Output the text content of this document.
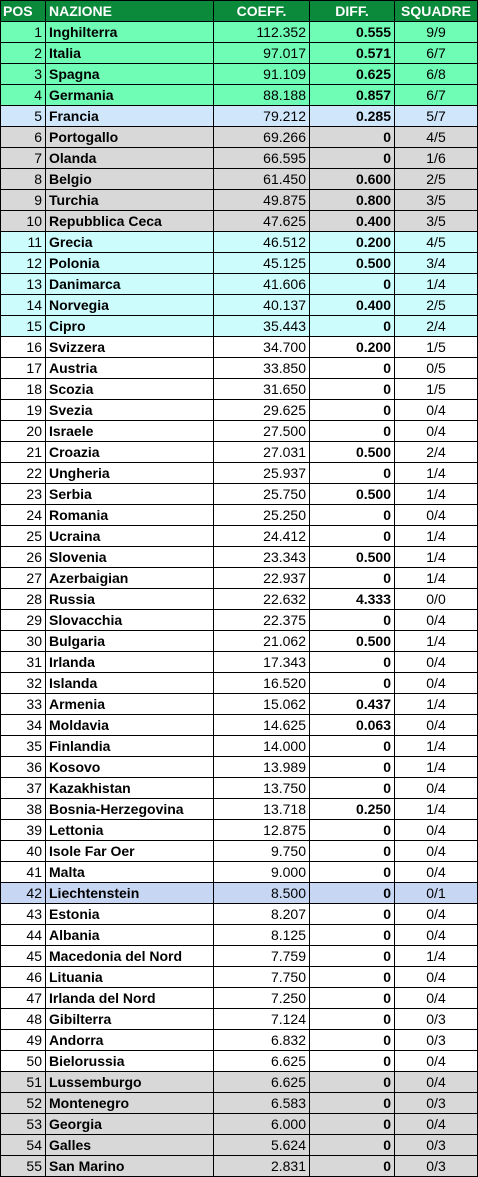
POS	NAZIONE	COEFF.	DIFF.	SQUADRE
1	Inghilterra	112.352	0.555	9/9
2	Italia	97.017	0.571	6/7
3	Spagna	91.109	0.625	6/8
4	Germania	88.188	0.857	6/7
5	Francia	79.212	0.285	5/7
6	Portogallo	69.266	0	4/5
7	Olanda	66.595	0	1/6
8	Belgio	61.450	0.600	2/5
9	Turchia	49.875	0.800	3/5
10	Repubblica Ceca	47.625	0.400	3/5
11	Grecia	46.512	0.200	4/5
12	Polonia	45.125	0.500	3/4
13	Danimarca	41.606	0	1/4
14	Norvegia	40.137	0.400	2/5
15	Cipro	35.443	0	2/4
16	Svizzera	34.700	0.200	1/5
17	Austria	33.850	0	0/5
18	Scozia	31.650	0	1/5
19	Svezia	29.625	0	0/4
20	Israele	27.500	0	0/4
21	Croazia	27.031	0.500	2/4
22	Ungheria	25.937	0	1/4
23	Serbia	25.750	0.500	1/4
24	Romania	25.250	0	0/4
25	Ucraina	24.412	0	1/4
26	Slovenia	23.343	0.500	1/4
27	Azerbaigian	22.937	0	1/4
28	Russia	22.632	4.333	0/0
29	Slovacchia	22.375	0	0/4
30	Bulgaria	21.062	0.500	1/4
31	Irlanda	17.343	0	0/4
32	Islanda	16.520	0	0/4
33	Armenia	15.062	0.437	1/4
34	Moldavia	14.625	0.063	0/4
35	Finlandia	14.000	0	1/4
36	Kosovo	13.989	0	1/4
37	Kazakhistan	13.750	0	0/4
38	Bosnia-Herzegovina	13.718	0.250	1/4
39	Lettonia	12.875	0	0/4
40	Isole Far Oer	9.750	0	0/4
41	Malta	9.000	0	0/4
42	Liechtenstein	8.500	0	0/1
43	Estonia	8.207	0	0/4
44	Albania	8.125	0	0/4
45	Macedonia del Nord	7.759	0	1/4
46	Lituania	7.750	0	0/4
47	Irlanda del Nord	7.250	0	0/4
48	Gibilterra	7.124	0	0/3
49	Andorra	6.832	0	0/3
50	Bielorussia	6.625	0	0/4
51	Lussemburgo	6.625	0	0/4
52	Montenegro	6.583	0	0/3
53	Georgia	6.000	0	0/4
54	Galles	5.624	0	0/3
55	San Marino	2.831	0	0/3
